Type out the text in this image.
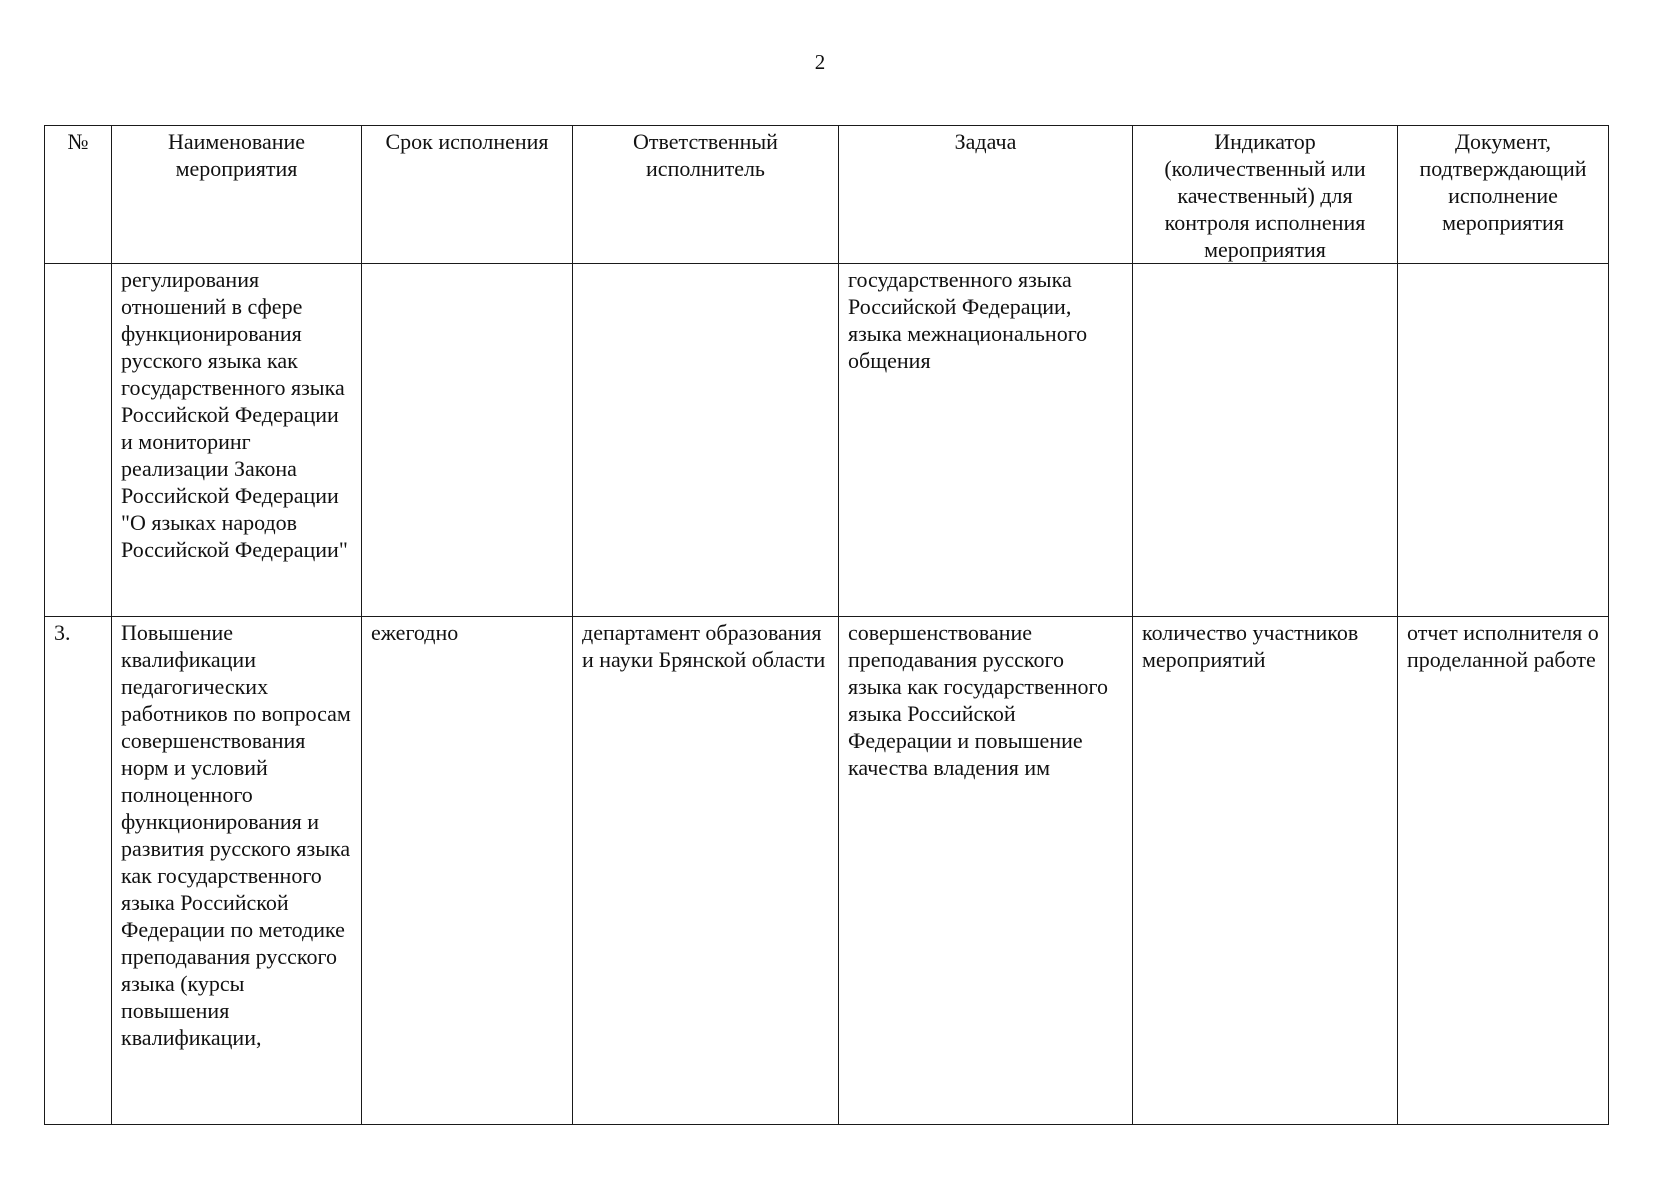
2
№	Наименование мероприятия	Срок исполнения	Ответственный исполнитель	Задача	Индикатор (количественный или качественный) для контроля исполнения мероприятия	Документ, подтверждающий исполнение мероприятия
	регулирования отношений в сфере функционирования русского языка как государственного языка Российской Федерации и мониторинг реализации Закона Российской Федерации "О языках народов Российской Федерации"			государственного языка Российской Федерации, языка межнационального общения		
3.	Повышение квалификации педагогических работников по вопросам совершенствования норм и условий полноценного функционирования и развития русского языка как государственного языка Российской Федерации по методике преподавания русского языка (курсы повышения квалификации,	ежегодно	департамент образования и науки Брянской области	совершенствование преподавания русского языка как государственного языка Российской Федерации и повышение качества владения им	количество участников мероприятий	отчет исполнителя о проделанной работе
